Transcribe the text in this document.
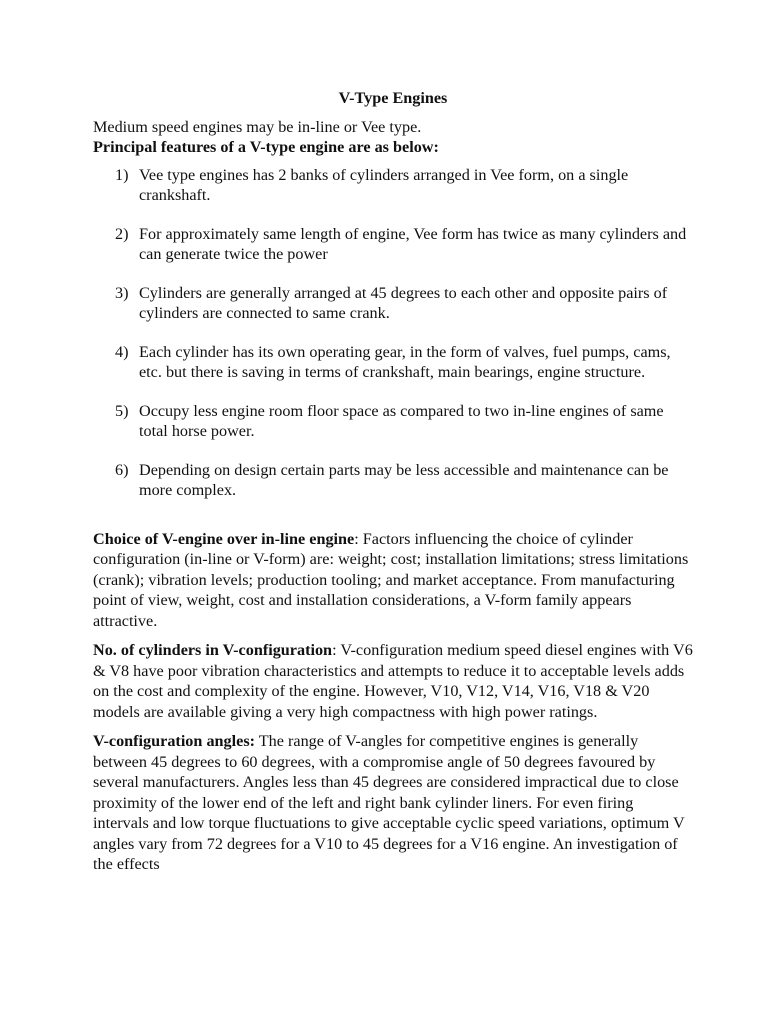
V-Type Engines

Medium speed engines may be in-line or Vee type.

Principal features of a V-type engine are as below:

1) Vee type engines has 2 banks of cylinders arranged in Vee form, on a single crankshaft.
2) For approximately same length of engine, Vee form has twice as many cylinders and can generate twice the power
3) Cylinders are generally arranged at 45 degrees to each other and opposite pairs of cylinders are connected to same crank.
4) Each cylinder has its own operating gear, in the form of valves, fuel pumps, cams, etc. but there is saving in terms of crankshaft, main bearings, engine structure.
5) Occupy less engine room floor space as compared to two in-line engines of same total horse power.
6) Depending on design certain parts may be less accessible and maintenance can be more complex.

Choice of V-engine over in-line engine: Factors influencing the choice of cylinder configuration (in-line or V-form) are: weight; cost; installation limitations; stress limitations (crank); vibration levels; production tooling; and market acceptance. From manufacturing point of view, weight, cost and installation considerations, a V-form family appears attractive.

No. of cylinders in V-configuration: V-configuration medium speed diesel engines with V6 & V8 have poor vibration characteristics and attempts to reduce it to acceptable levels adds on the cost and complexity of the engine. However, V10, V12, V14, V16, V18 & V20 models are available giving a very high compactness with high power ratings.

V-configuration angles: The range of V-angles for competitive engines is generally between 45 degrees to 60 degrees, with a compromise angle of 50 degrees favoured by several manufacturers. Angles less than 45 degrees are considered impractical due to close proximity of the lower end of the left and right bank cylinder liners. For even firing intervals and low torque fluctuations to give acceptable cyclic speed variations, optimum V angles vary from 72 degrees for a V10 to 45 degrees for a V16 engine. An investigation of the effects
